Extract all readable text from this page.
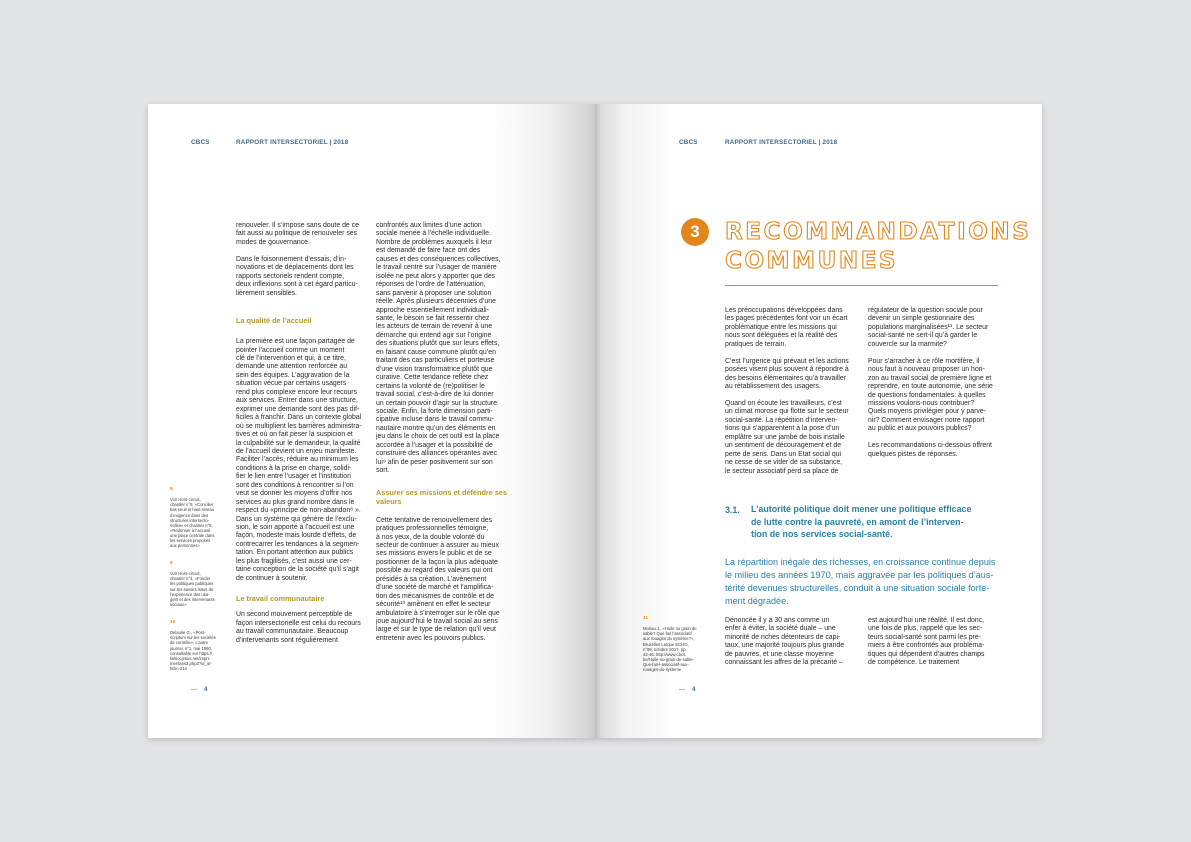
CBCS	RAPPORT INTERSECTORIEL | 2018

8

Voir Hors-circuit,
chantier n°6, «Concilier
bas seuil et haut niveau
d’exigence dans des
structures intersecto-
rielles» et chantier n°8,
«Redonner à l’accueil
une place centrale dans
les services proposés
aux personnes»

9

Voir Hors-circuit,
chantier n°4, «Fonder
les politiques publiques
sur les savoirs issus de
l’expérience des usa-
gers et des intervenants
sociaux»

10

Delause G., «Post-
scriptum sur les sociétés
de contrôle», L’autre
journal, n°1, mai 1990,
consultable sur https://
linkiocjesus.net/impri-
mersans3.php3?id_ar-
ticle=214

renouveler. Il s’impose sans doute de ce
fait aussi au politique de renouveler ses
modes de gouvernance.

Dans le foisonnement d’essais, d’in-
novations et de déplacements dont les
rapports sectoriels rendent compte,
deux inflexions sont à cet égard particu-
lièrement sensibles.

La qualité de l’accueil

La première est une façon partagée de
pointer l’accueil comme un moment
clé de l’intervention et qui, à ce titre,
demande une attention renforcée au
sein des équipes. L’aggravation de la
situation vécue par certains usagers
rend plus complexe encore leur recours
aux services. Entrer dans une structure,
exprimer une demande sont des pas dif-
ficiles à franchir. Dans un contexte global
où se multiplient les barrières administra-
tives et où on fait peser la suspicion et
la culpabilité sur le demandeur, la qualité
de l’accueil devient un enjeu manifeste.
Faciliter l’accès, réduire au minimum les
conditions à la prise en charge, solidi-
fier le lien entre l’usager et l’institution
sont des conditions à rencontrer si l’on
veut se donner les moyens d’offrir nos
services au plus grand nombre dans le
respect du «principe de non-abandon⁸ ».
Dans un système qui génère de l’exclu-
sion, le soin apporté à l’accueil est une
façon, modeste mais lourde d’effets, de
contrecarrer les tendances à la segmen-
tation. En portant attention aux publics
les plus fragilisés, c’est aussi une cer-
taine conception de la société qu’il s’agit
de continuer à soutenir.

Le travail communautaire

Un second mouvement perceptible de
façon intersectorielle est celui du recours
au travail communautaire. Beaucoup
d’intervenants sont régulièrement

confrontés aux limites d’une action
sociale menée à l’échelle individuelle.
Nombre de problèmes auxquels il leur
est demandé de faire face ont des
causes et des conséquences collectives,
le travail centré sur l’usager de manière
isolée ne peut alors y apporter que des
réponses de l’ordre de l’atténuation,
sans parvenir à proposer une solution
réelle. Après plusieurs décennies d’une
approche essentiellement individuali-
sante, le besoin se fait ressentir chez
les acteurs de terrain de revenir à une
démarche qui entend agir sur l’origine
des situations plutôt que sur leurs effets,
en faisant cause commune plutôt qu’en
traitant des cas particuliers et porteuse
d’une vision transformatrice plutôt que
curative. Cette tendance reflète chez
certains la volonté de (re)politiser le
travail social, c’est-à-dire de lui donner
un certain pouvoir d’agir sur la structure
sociale. Enfin, la forte dimension parti-
cipative incluse dans le travail commu-
nautaire montre qu’un des éléments en
jeu dans le choix de cet outil est la place
accordée à l’usager et la possibilité de
construire des alliances opérantes avec
lui⁹ afin de peser positivement sur son
sort.

Assurer ses missions et défendre ses
valeurs

Cette tentative de renouvellement des
pratiques professionnelles témoigne,
à nos yeux, de la double volonté du
secteur de continuer à assurer au mieux
ses missions envers le public et de se
positionner de la façon la plus adéquate
possible au regard des valeurs qui ont
présidés à sa création. L’avènement
d’une société de marché et l’amplifica-
tion des mécanismes de contrôle et de
sécurité¹⁰ amènent en effet le secteur
ambulatoire à s’interroger sur le rôle que
joue aujourd’hui le travail social au sens
large et sur le type de relation qu’il veut
entretenir avec les pouvoirs publics.

— 4
CBCS	RAPPORT INTERSECTORIEL | 2018
3	RECOMMANDATIONS
COMMUNES

Les préoccupations développées dans
les pages précédentes font voir un écart
problématique entre les missions qui
nous sont déléguées et la réalité des
pratiques de terrain.

C’est l’urgence qui prévaut et les actions
posées visent plus souvent à répondre à
des besoins élémentaires qu’à travailler
au rétablissement des usagers.

Quand on écoute les travailleurs, c’est
un climat morose qui flotte sur le secteur
social-santé. La répétition d’interven-
tions qui s’apparentent à la pose d’un
emplâtre sur une jambe de bois installe
un sentiment de découragement et de
perte de sens. Dans un Etat social qui
ne cesse de se vider de sa substance,
le secteur associatif perd sa place de

régulateur de la question sociale pour
devenir un simple gestionnaire des
populations marginalisées¹¹. Le secteur
social-santé ne sert-il qu’à garder le
couvercle sur la marmite?

Pour s’arracher à ce rôle mortifère, il
nous faut à nouveau proposer un hori-
zon au travail social de première ligne et
reprendre, en toute autonomie, une série
de questions fondamentales: à quelles
missions voulons-nous contribuer?
Quels moyens privilégier pour y parve-
nir? Comment envisager notre rapport
au public et aux pouvoirs publics?

Les recommandations ci-dessous offrent
quelques pistes de réponses.

3.1. L’autorité politique doit mener une politique efficace
de lutte contre la pauvreté, en amont de l’interven-
tion de nos services social-santé.
La répartition inégale des richesses, en croissance continue depuis
le milieu des années 1970, mais aggravée par les politiques d’aus-
térité devenues structurelles, conduit à une situation sociale forte-
ment dégradée.

11

Moriau J., «Huile ou grain de
sable? Que fait l’associatif
aux rouages du système?»,
Bruxelles Laïque ECHO,
n°98, octobre 2017, pp.
42-46. http://www.cbcs.
be/Huile-ou-grain-de-sable-
Que-fait-l-associatif-aux-
rouages-du-systeme

Dénoncée il y a 30 ans comme un
enfer à éviter, la société duale – une
minorité de riches détenteurs de capi-
taux, une majorité toujours plus grande
de pauvres, et une classe moyenne
connaissant les affres de la précarité –

est aujourd’hui une réalité. Il est donc,
une fois de plus, rappelé que les sec-
teurs social-santé sont parmi les pre-
miers à être confrontés aux probléma-
tiques qui dépendent d’autres champs
de compétence. Le traitement

— 4
